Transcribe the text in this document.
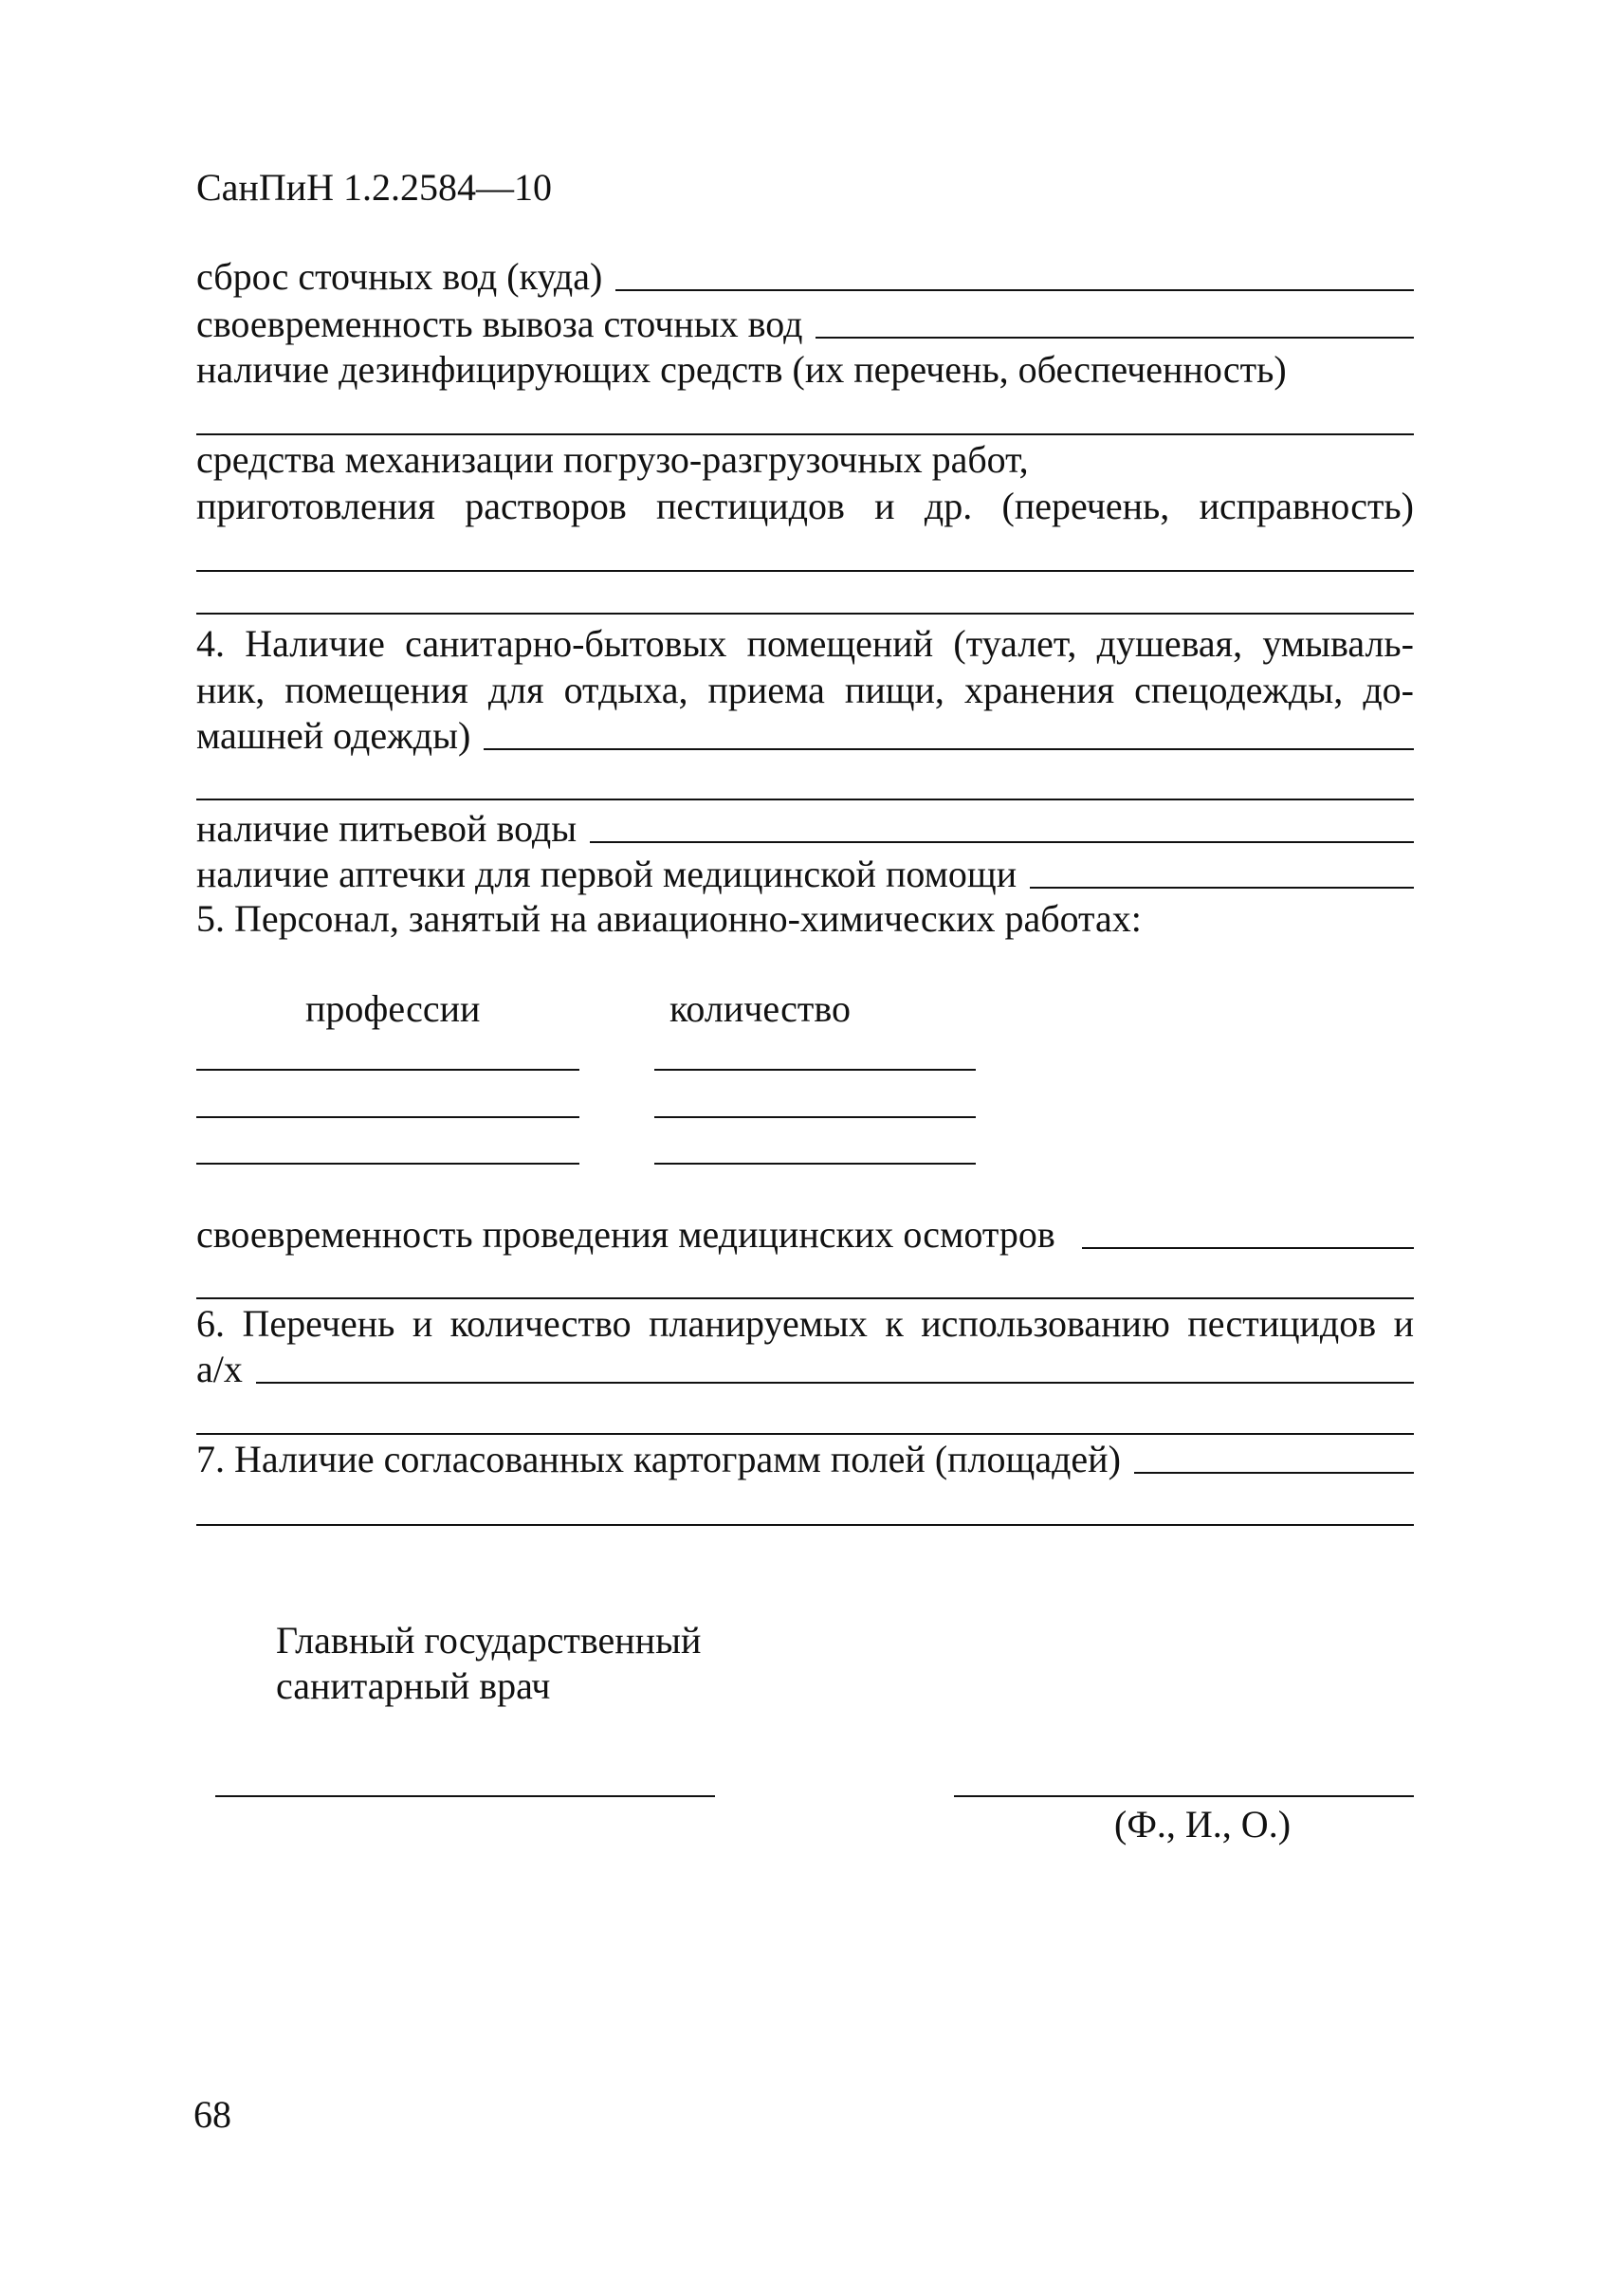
СанПиН 1.2.2584—10
сброс сточных вод (куда)
своевременность вывоза сточных вод
наличие дезинфицирующих средств (их перечень, обеспеченность)
средства механизации погрузо-разгрузочных работ,
приготовления растворов пестицидов и др. (перечень, исправность)
4. Наличие санитарно-бытовых помещений (туалет, душевая, умываль-
ник, помещения для отдыха, приема пищи, хранения спецодежды, до-
машней одежды)
наличие питьевой воды
наличие аптечки для первой медицинской помощи
5. Персонал, занятый на авиационно-химических работах:
профессии	количество
своевременность проведения медицинских осмотров
6. Перечень и количество планируемых к использованию пестицидов и
а/х
7. Наличие согласованных картограмм полей (площадей)
Главный государственный
санитарный врач
(Ф., И., О.)
68
